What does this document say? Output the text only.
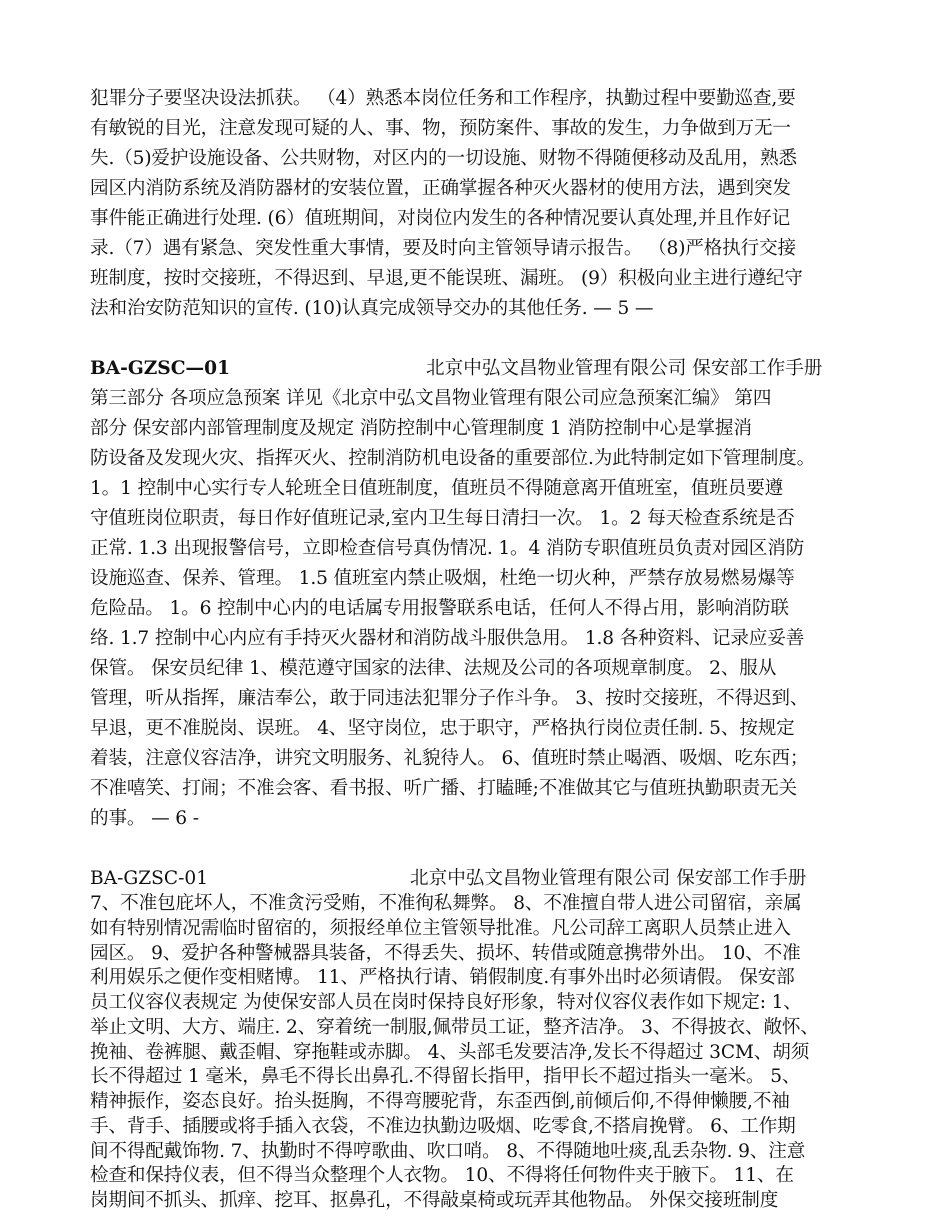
犯罪分子要坚决设法抓获。 （4）熟悉本岗位任务和工作程序，执勤过程中要勤巡查,要
有敏锐的目光，注意发现可疑的人、事、物，预防案件、事故的发生，力争做到万无一
失.（5)爱护设施设备、公共财物，对区内的一切设施、财物不得随便移动及乱用，熟悉
园区内消防系统及消防器材的安装位置，正确掌握各种灭火器材的使用方法，遇到突发
事件能正确进行处理. (6）值班期间，对岗位内发生的各种情况要认真处理,并且作好记
录.（7）遇有紧急、突发性重大事情，要及时向主管领导请示报告。 （8)严格执行交接
班制度，按时交接班，不得迟到、早退,更不能误班、漏班。 (9）积极向业主进行遵纪守
法和治安防范知识的宣传. (10)认真完成领导交办的其他任务. — 5 —
BA-GZSC—01	北京中弘文昌物业管理有限公司 保安部工作手册
第三部分 各项应急预案 详见《北京中弘文昌物业管理有限公司应急预案汇编》 第四
部分 保安部内部管理制度及规定 消防控制中心管理制度 1 消防控制中心是掌握消
防设备及发现火灾、指挥灭火、控制消防机电设备的重要部位.为此特制定如下管理制度。
1。1 控制中心实行专人轮班全日值班制度，值班员不得随意离开值班室，值班员要遵
守值班岗位职责，每日作好值班记录,室内卫生每日清扫一次。 1。2 每天检查系统是否
正常. 1.3 出现报警信号，立即检查信号真伪情况. 1。4 消防专职值班员负责对园区消防
设施巡查、保养、管理。 1.5 值班室内禁止吸烟，杜绝一切火种，严禁存放易燃易爆等
危险品。 1。6 控制中心内的电话属专用报警联系电话，任何人不得占用，影响消防联
络. 1.7 控制中心内应有手持灭火器材和消防战斗服供急用。 1.8 各种资料、记录应妥善
保管。 保安员纪律 1、模范遵守国家的法律、法规及公司的各项规章制度。 2、服从
管理，听从指挥，廉洁奉公，敢于同违法犯罪分子作斗争。 3、按时交接班，不得迟到、
早退，更不准脱岗、误班。 4、坚守岗位，忠于职守，严格执行岗位责任制. 5、按规定
着装，注意仪容洁净，讲究文明服务、礼貌待人。 6、值班时禁止喝酒、吸烟、吃东西；
不准嘻笑、打闹；不准会客、看书报、听广播、打瞌睡;不准做其它与值班执勤职责无关
的事。 — 6 -
BA-GZSC-01	北京中弘文昌物业管理有限公司 保安部工作手册
7、不准包庇坏人，不准贪污受贿，不准徇私舞弊。 8、不准擅自带人进公司留宿，亲属
如有特别情况需临时留宿的，须报经单位主管领导批准。凡公司辞工离职人员禁止进入
园区。 9、爱护各种警械器具装备，不得丢失、损坏、转借或随意携带外出。 10、不准
利用娱乐之便作变相赌博。 11、严格执行请、销假制度.有事外出时必须请假。 保安部
员工仪容仪表规定 为使保安部人员在岗时保持良好形象，特对仪容仪表作如下规定: 1、
举止文明、大方、端庄. 2、穿着统一制服,佩带员工证，整齐洁净。 3、不得披衣、敞怀、
挽袖、卷裤腿、戴歪帽、穿拖鞋或赤脚。 4、头部毛发要洁净,发长不得超过 3CM、胡须
长不得超过 1 毫米，鼻毛不得长出鼻孔.不得留长指甲，指甲长不超过指头一毫米。 5、
精神振作，姿态良好。抬头挺胸，不得弯腰驼背，东歪西倒,前倾后仰,不得伸懒腰,不袖
手、背手、插腰或将手插入衣袋，不准边执勤边吸烟、吃零食,不搭肩挽臂。 6、工作期
间不得配戴饰物. 7、执勤时不得哼歌曲、吹口哨。 8、不得随地吐痰,乱丢杂物. 9、注意
检查和保持仪表，但不得当众整理个人衣物。 10、不得将任何物件夹于腋下。 11、在
岗期间不抓头、抓痒、挖耳、抠鼻孔，不得敲桌椅或玩弄其他物品。 外保交接班制度
